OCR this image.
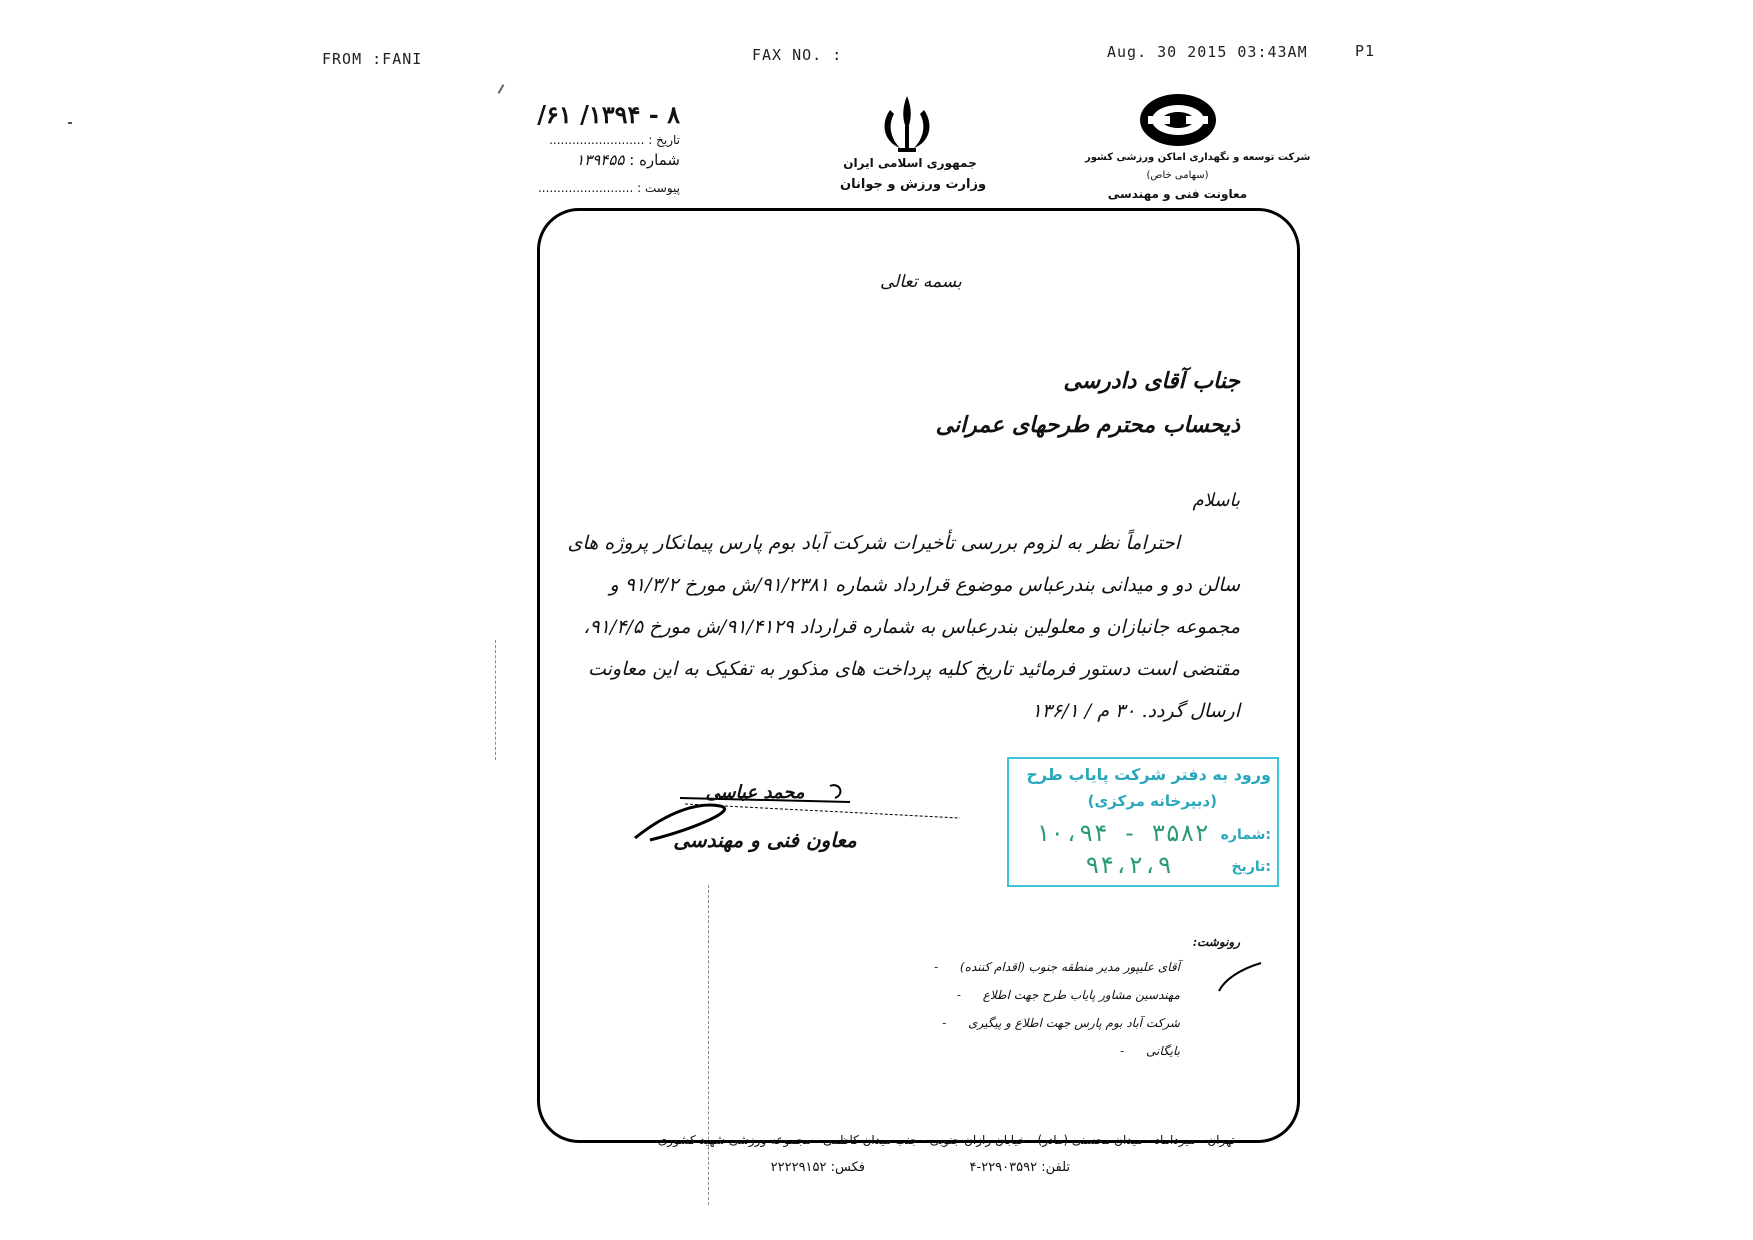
FROM :FANI	FAX NO. :	Aug. 30 2015 03:43AM	P1
۸ - ۱۳۹۴/ ۶۱/
تاریخ : .........................
شماره : ۱۳۹۴۵۵
پیوست : .........................
جمهوری اسلامی ایران
وزارت ورزش و جوانان
شرکت توسعه و نگهداری اماکن ورزشی کشور
(سهامی خاص)
معاونت فنی و مهندسی
بسمه تعالی
جناب آقای دادرسی
ذیحساب محترم طرحهای عمرانی
باسلام
احتراماً نظر به لزوم بررسی تأخیرات شرکت آباد بوم پارس پیمانکار پروژه های
سالن دو و میدانی بندرعباس موضوع قرارداد شماره ۹۱/۲۳۸۱/ش مورخ ۹۱/۳/۲ و
مجموعه جانبازان و معلولین بندرعباس به شماره قرارداد ۹۱/۴۱۲۹/ش مورخ ۹۱/۴/۵،
مقتضی است دستور فرمائید تاریخ کلیه پرداخت های مذکور به تفکیک به این معاونت
ارسال گردد. ۳۰ م / ۱۳۶/۱
محمد عباسی
معاون فنی و مهندسی
ورود به دفتر شرکت پایاب طرح
(دبیرخانه مرکزی)
شماره:
۱۰،۹۴ - ۳۵۸۲
تاریخ:
۹۴،۲،۹
رونوشت:
آقای علیپور مدیر منطقه جنوب (اقدام کننده) -
مهندسین مشاور پایاب طرح جهت اطلاع -
شرکت آباد بوم پارس جهت اطلاع و پیگیری -
بایگانی -
تهران - میرداماد - میدان محسنی (مادر) - خیابان رازان جنوبی - جنب میدان کاظمی - مجموعه ورزشی شهید کشوری
تلفن: ۲۲۹۰۳۵۹۲-۴
فکس: ۲۲۲۲۹۱۵۲
